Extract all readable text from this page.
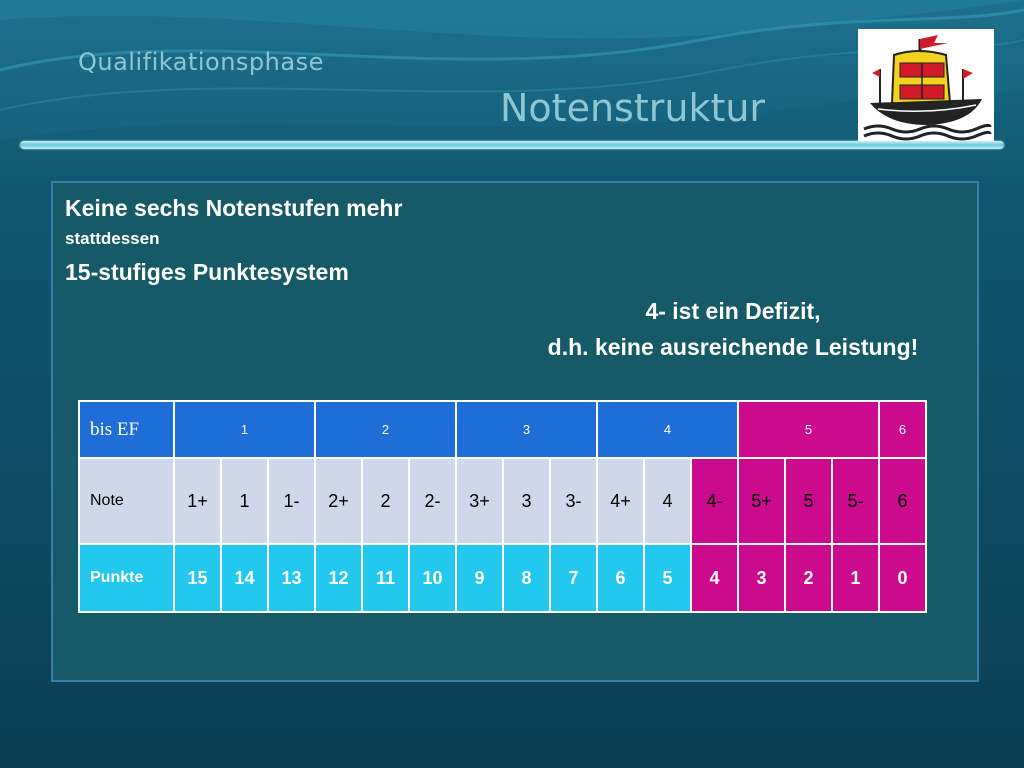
Qualifikationsphase
Notenstruktur
Keine sechs Notenstufen mehr
stattdessen
15-stufiges Punktesystem
4- ist ein Defizit,
d.h. keine ausreichende Leistung!
bis EF	1			2			3			4			5			6
Note	1+	1	1-	2+	2	2-	3+	3	3-	4+	4	4-	5+	5	5-	6
Punkte	15	14	13	12	11	10	9	8	7	6	5	4	3	2	1	0
